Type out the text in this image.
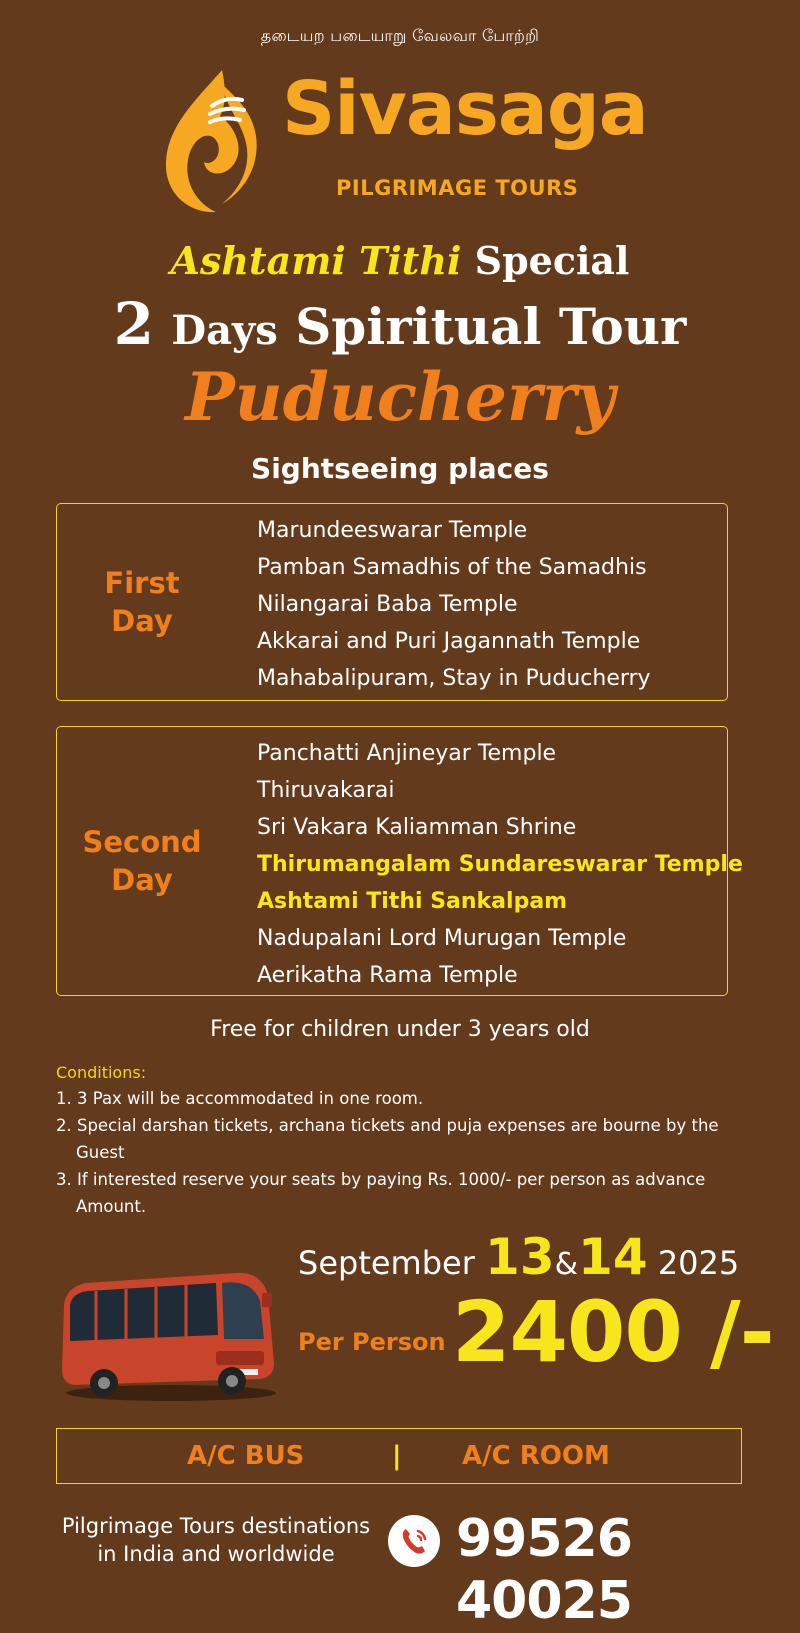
தடையற படையாறு வேலவா போற்றி
Sivasaga
PILGRIMAGE TOURS
Ashtami Tithi Special
2 Days Spiritual Tour
Puducherry
Sightseeing places
First
Day
Marundeeswarar Temple
Pamban Samadhis of the Samadhis
Nilangarai Baba Temple
Akkarai and Puri Jagannath Temple
Mahabalipuram, Stay in Puducherry
Second
Day
Panchatti Anjineyar Temple
Thiruvakarai
Sri Vakara Kaliamman Shrine
Thirumangalam Sundareswarar Temple
Ashtami Tithi Sankalpam
Nadupalani Lord Murugan Temple
Aerikatha Rama Temple
Free for children under 3 years old
Conditions:
1. 3 Pax will be accommodated in one room.
2. Special darshan tickets, archana tickets and puja expenses are bourne by the Guest
3. If interested reserve your seats by paying Rs. 1000/- per person as advance Amount.
September 13&14 2025
Per Person 2400 /-
A/C BUS	| A/C ROOM
Pilgrimage Tours destinations
in India and worldwide	99526 40025
